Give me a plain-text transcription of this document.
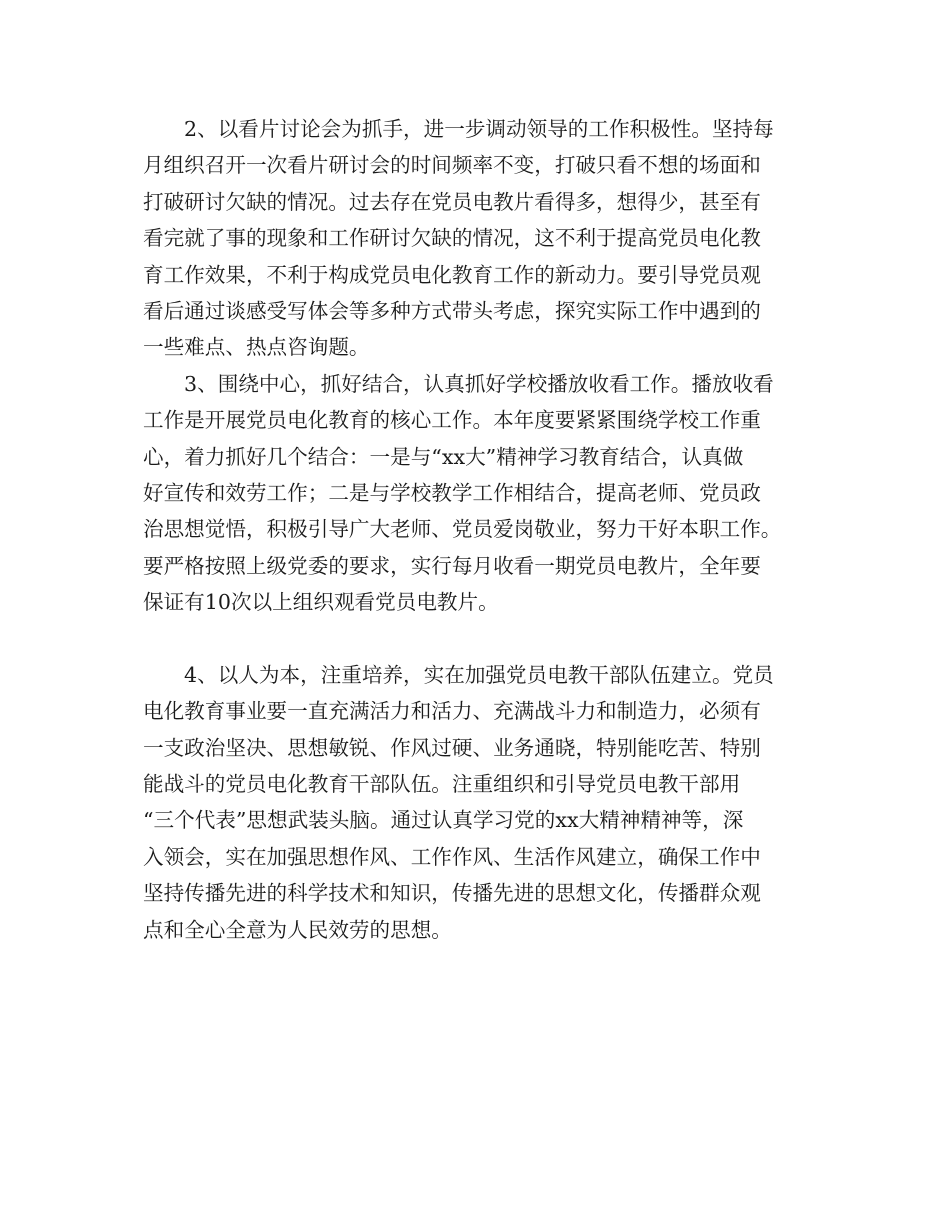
2、以看片讨论会为抓手，进一步调动领导的工作积极性。坚持每
月组织召开一次看片研讨会的时间频率不变，打破只看不想的场面和
打破研讨欠缺的情况。过去存在党员电教片看得多，想得少，甚至有
看完就了事的现象和工作研讨欠缺的情况，这不利于提高党员电化教
育工作效果，不利于构成党员电化教育工作的新动力。要引导党员观
看后通过谈感受写体会等多种方式带头考虑，探究实际工作中遇到的
一些难点、热点咨询题。
3、围绕中心，抓好结合，认真抓好学校播放收看工作。播放收看
工作是开展党员电化教育的核心工作。本年度要紧紧围绕学校工作重
心，着力抓好几个结合：一是与“xx大”精神学习教育结合，认真做
好宣传和效劳工作；二是与学校教学工作相结合，提高老师、党员政
治思想觉悟，积极引导广大老师、党员爱岗敬业，努力干好本职工作。
要严格按照上级党委的要求，实行每月收看一期党员电教片，全年要
保证有10次以上组织观看党员电教片。
4、以人为本，注重培养，实在加强党员电教干部队伍建立。党员
电化教育事业要一直充满活力和活力、充满战斗力和制造力，必须有
一支政治坚决、思想敏锐、作风过硬、业务通晓，特别能吃苦、特别
能战斗的党员电化教育干部队伍。注重组织和引导党员电教干部用
“三个代表”思想武装头脑。通过认真学习党的xx大精神精神等，深
入领会，实在加强思想作风、工作作风、生活作风建立，确保工作中
坚持传播先进的科学技术和知识，传播先进的思想文化，传播群众观
点和全心全意为人民效劳的思想。
